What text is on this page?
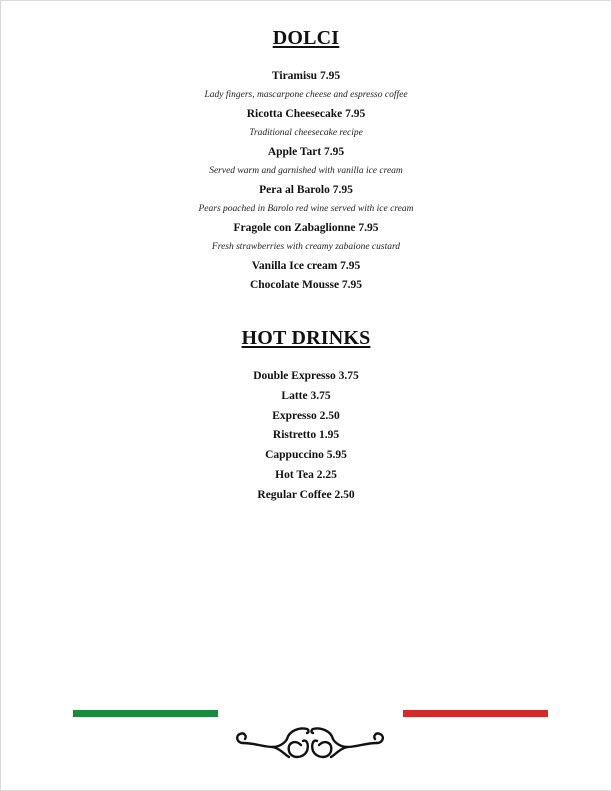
DOLCI
Tiramisu 7.95
Lady fingers, mascarpone cheese and espresso coffee
Ricotta Cheesecake 7.95
Traditional cheesecake recipe
Apple Tart 7.95
Served warm and garnished with vanilla ice cream
Pera al Barolo 7.95
Pears poached in Barolo red wine served with ice cream
Fragole con Zabaglionne 7.95
Fresh strawberries with creamy zabaione custard
Vanilla Ice cream 7.95
Chocolate Mousse 7.95
HOT DRINKS
Double Expresso 3.75
Latte 3.75
Expresso 2.50
Ristretto 1.95
Cappuccino 5.95
Hot Tea 2.25
Regular Coffee 2.50
